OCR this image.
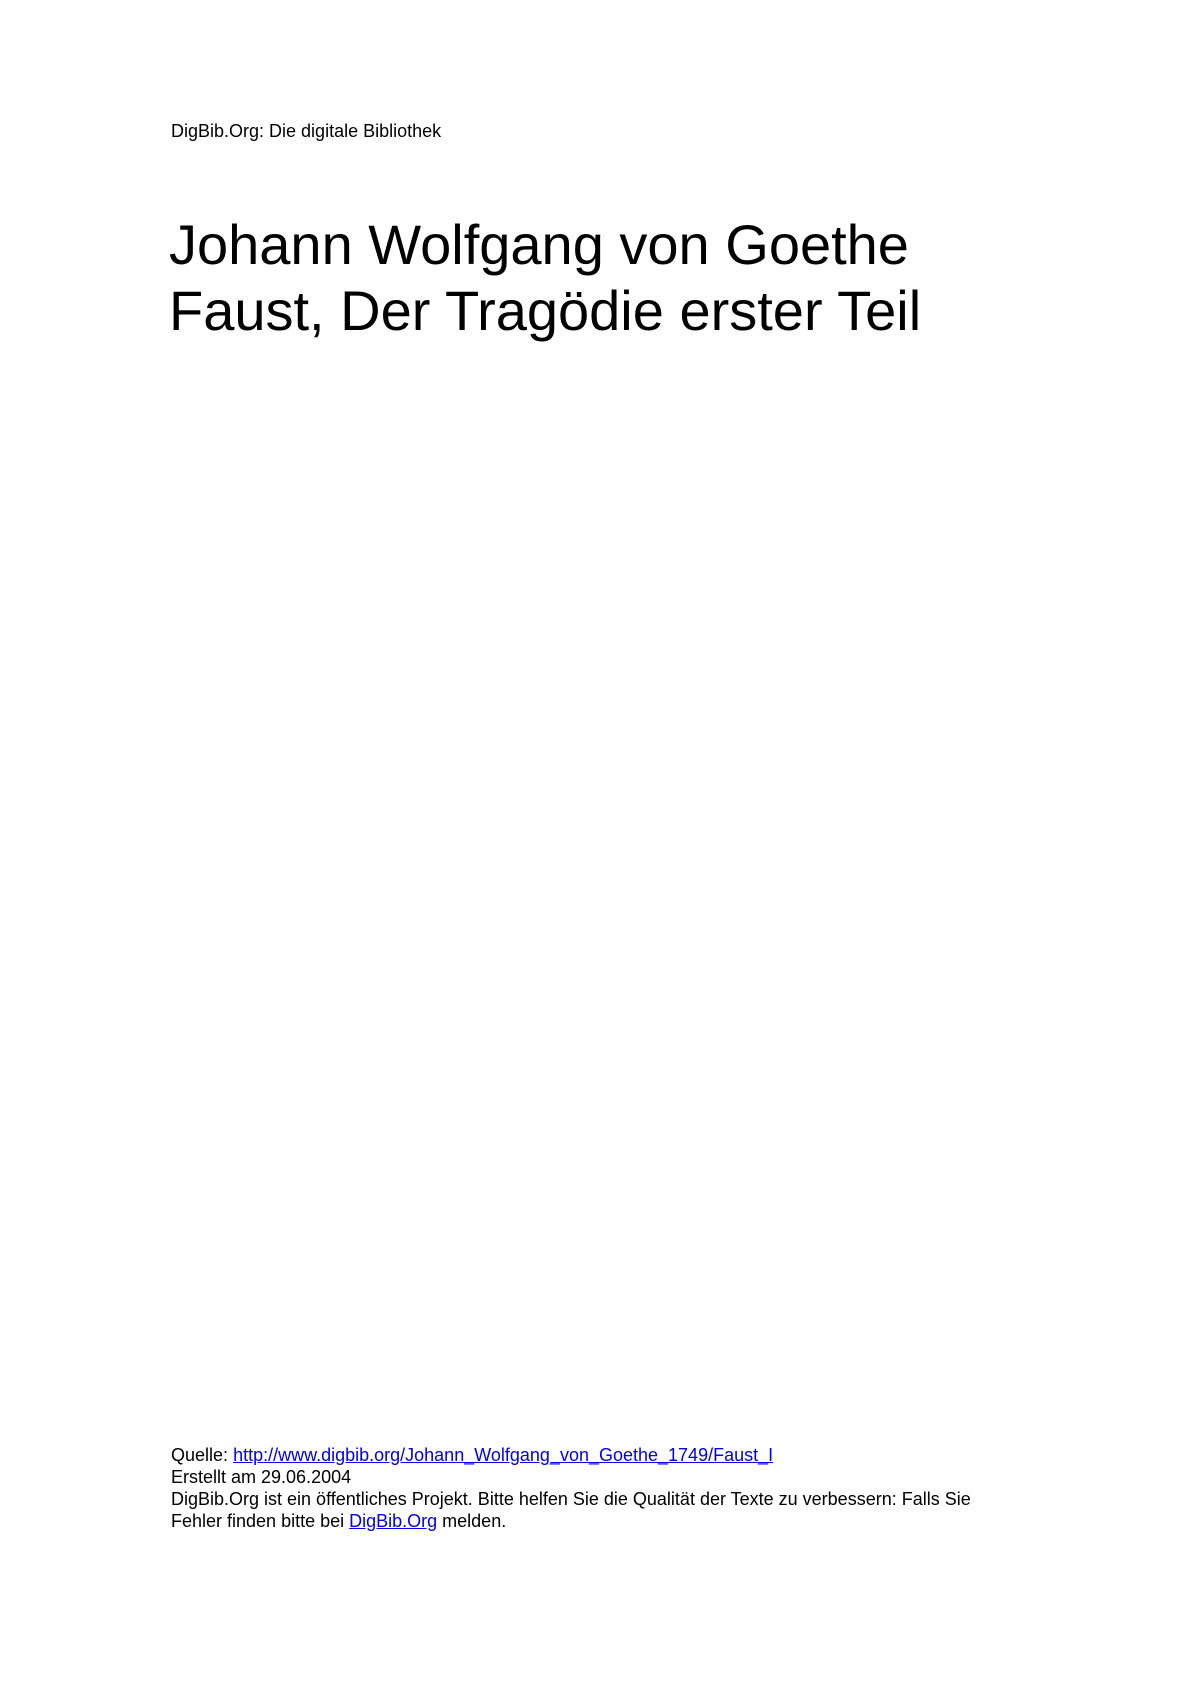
DigBib.Org: Die digitale Bibliothek
Johann Wolfgang von Goethe
Faust, Der Tragödie erster Teil
Quelle: http://www.digbib.org/Johann_Wolfgang_von_Goethe_1749/Faust_I
Erstellt am 29.06.2004
DigBib.Org ist ein öffentliches Projekt. Bitte helfen Sie die Qualität der Texte zu verbessern: Falls Sie
Fehler finden bitte bei DigBib.Org melden.
